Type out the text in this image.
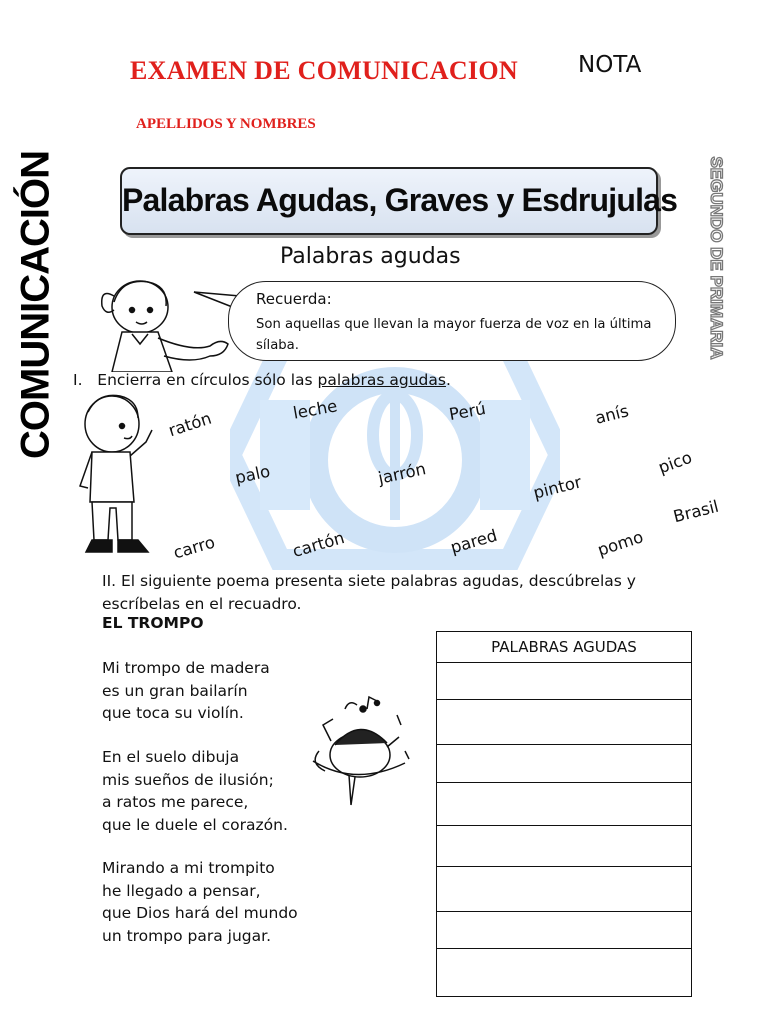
EXAMEN DE COMUNICACION	NOTA
APELLIDOS Y NOMBRES
COMUNICACIÓN	SEGUNDO DE PRIMARIA
Palabras Agudas, Graves y Esdrujulas
Palabras agudas
Recuerda:
Son aquellas que llevan la mayor fuerza de voz en la última sílaba.
I. Encierra en círculos sólo las palabras agudas.
ratón	leche	Perú	anís
palo	jarrón	pico
pintor
Brasil
carro	cartón	pared	pomo
II. El siguiente poema presenta siete palabras agudas, descúbrelas y escríbelas en el recuadro.
EL TROMPO
Mi trompo de madera
es un gran bailarín
que toca su violín.
En el suelo dibuja
mis sueños de ilusión;
a ratos me parece,
que le duele el corazón.
Mirando a mi trompito
he llegado a pensar,
que Dios hará del mundo
un trompo para jugar.
PALABRAS AGUDAS
